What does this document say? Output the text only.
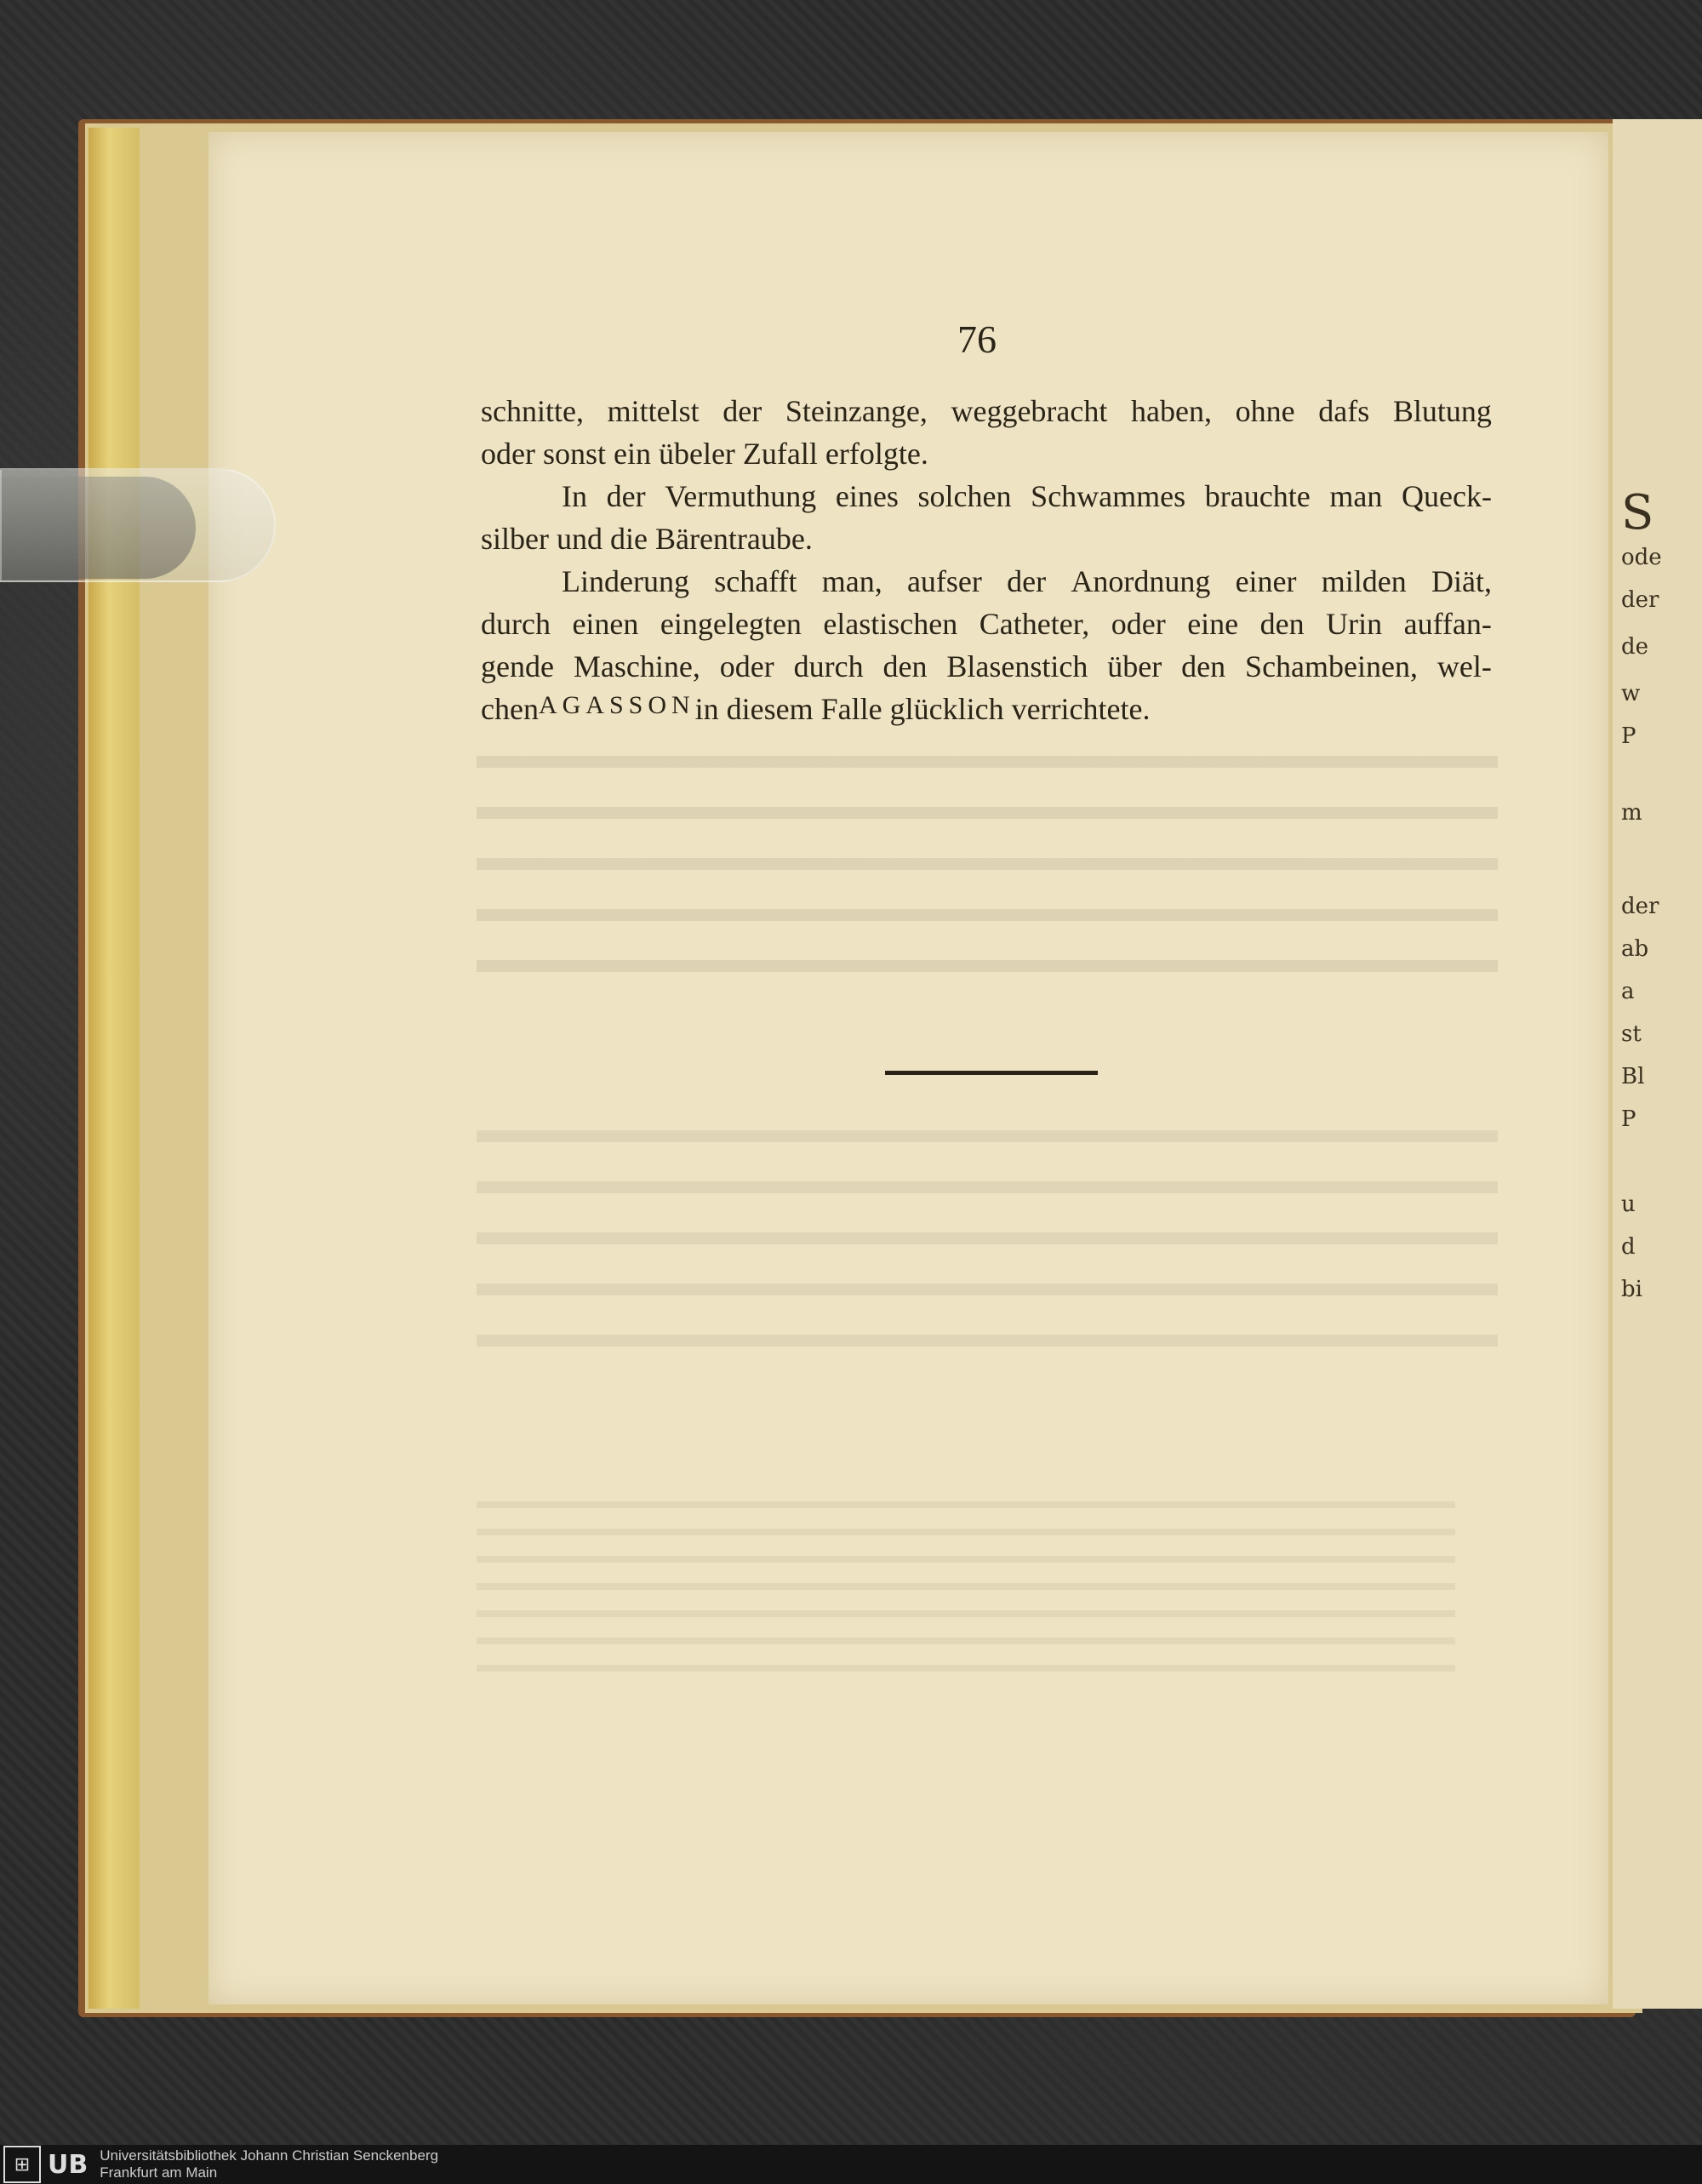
S
ode
der
de
w
P
m
der
ab
a
st
Bl
P
u
d
bi
76
schnitte, mittelst der Steinzange, weggebracht haben, ohne dafs Blutung
oder sonst ein übeler Zufall erfolgte.
In der Vermuthung eines solchen Schwammes brauchte man Queck-
silber und die Bärentraube.
Linderung schafft man, aufser der Anordnung einer milden Diät,
durch einen eingelegten elastischen Catheter, oder eine den Urin auffan-
gende Maschine, oder durch den Blasenstich über den Schambeinen, wel-
chen AGASSON in diesem Falle glücklich verrichtete.
⊞ UB Universitätsbibliothek Johann Christian Senckenberg
Frankfurt am Main
